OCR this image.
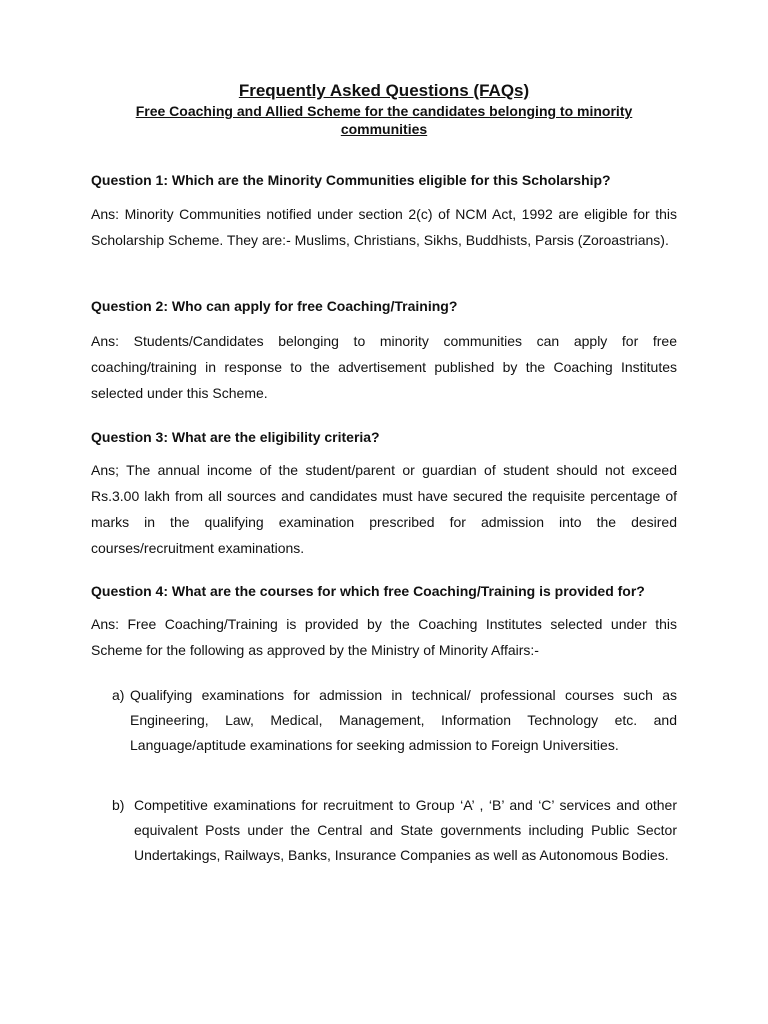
Frequently Asked Questions (FAQs)
Free Coaching and Allied Scheme for the candidates belonging to minority communities
Question 1: Which are the Minority Communities eligible for this Scholarship?
Ans: Minority Communities notified under section 2(c) of NCM Act, 1992 are eligible for this Scholarship Scheme. They are:- Muslims, Christians, Sikhs, Buddhists, Parsis (Zoroastrians).
Question 2: Who can apply for free Coaching/Training?
Ans: Students/Candidates belonging to minority communities can apply for free coaching/training in response to the advertisement published by the Coaching Institutes selected under this Scheme.
Question 3: What are the eligibility criteria?
Ans; The annual income of the student/parent or guardian of student should not exceed Rs.3.00 lakh from all sources and candidates must have secured the requisite percentage of marks in the qualifying examination prescribed for admission into the desired courses/recruitment examinations.
Question 4: What are the courses for which free Coaching/Training is provided for?
Ans: Free Coaching/Training is provided by the Coaching Institutes selected under this Scheme for the following as approved by the Ministry of Minority Affairs:-
a) Qualifying examinations for admission in technical/ professional courses such as Engineering, Law, Medical, Management, Information Technology etc. and Language/aptitude examinations for seeking admission to Foreign Universities.
b) Competitive examinations for recruitment to Group ‘A’ , ‘B’ and ‘C’ services and other equivalent Posts under the Central and State governments including Public Sector Undertakings, Railways, Banks, Insurance Companies as well as Autonomous Bodies.
